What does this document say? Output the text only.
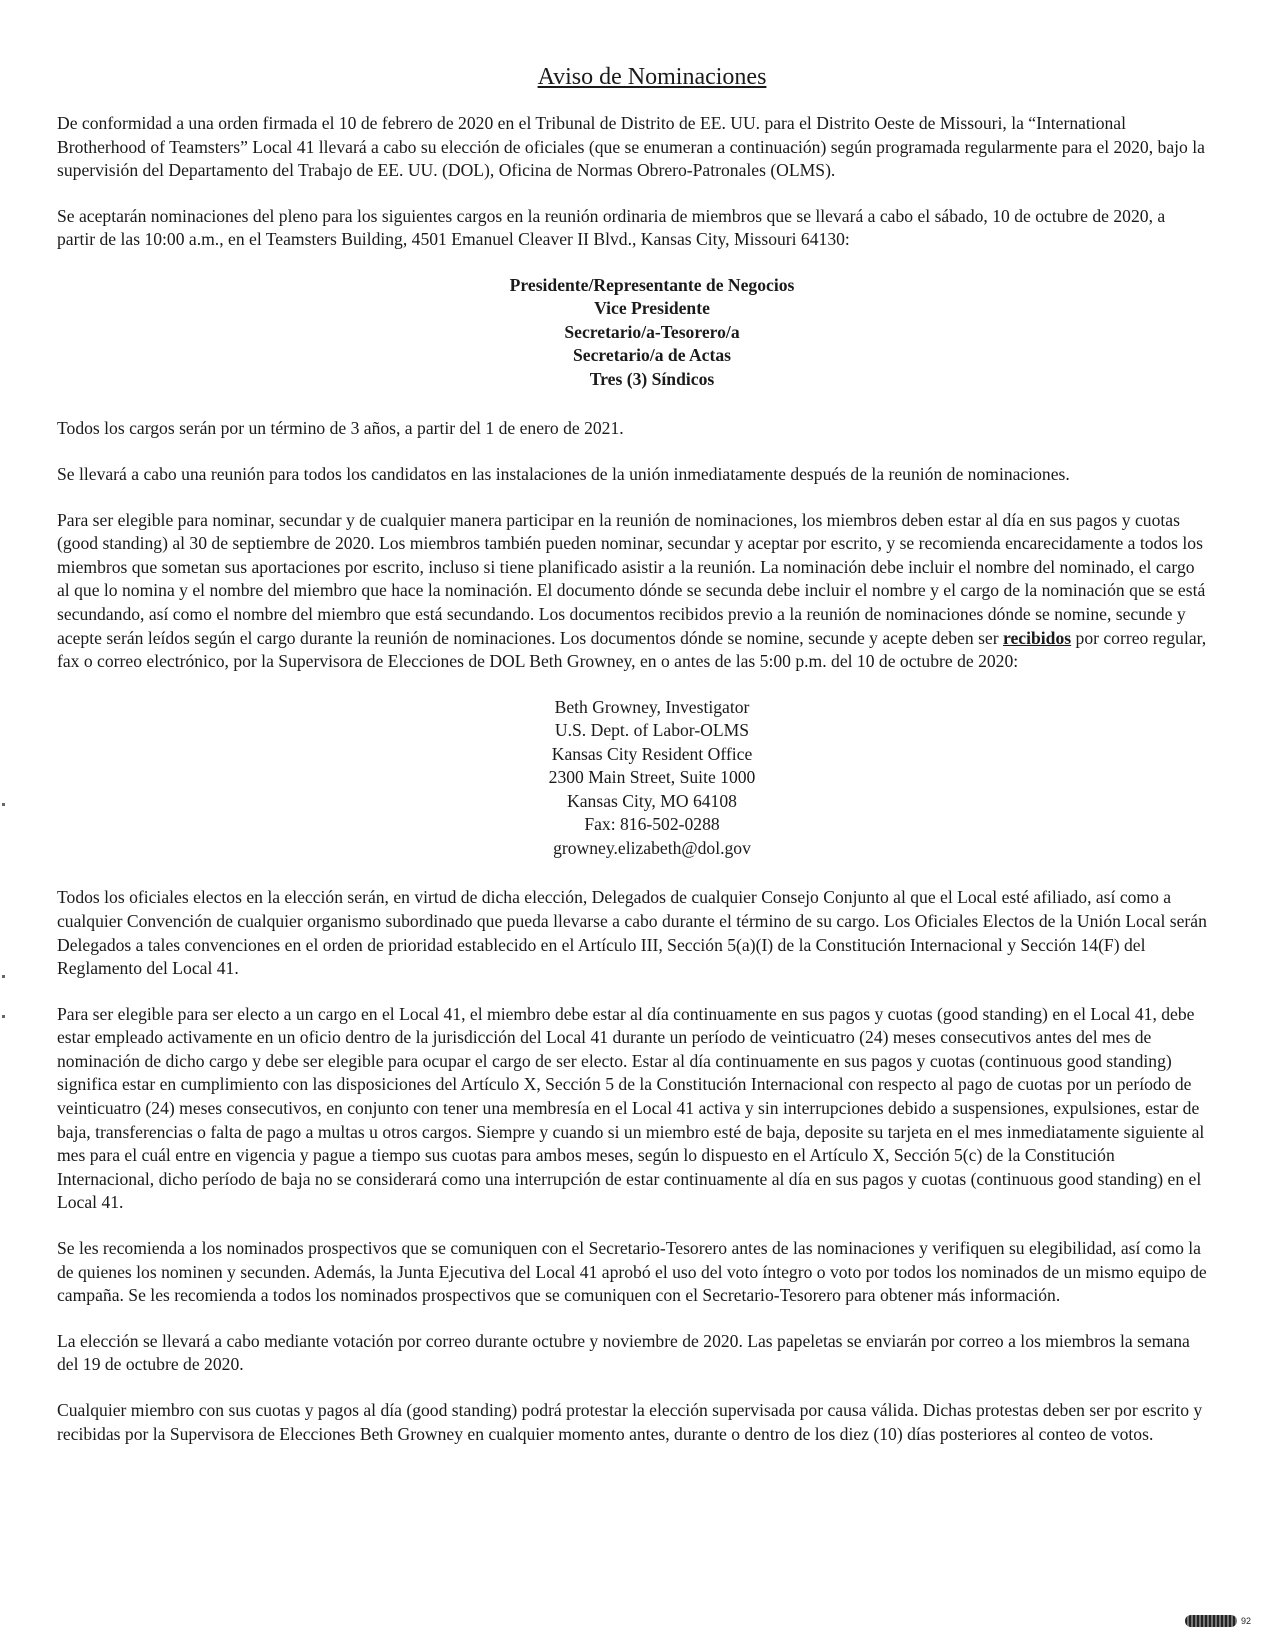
Aviso de Nominaciones

De conformidad a una orden firmada el 10 de febrero de 2020 en el Tribunal de Distrito de EE. UU. para el Distrito Oeste de Missouri, la “International Brotherhood of Teamsters” Local 41 llevará a cabo su elección de oficiales (que se enumeran a continuación) según programada regularmente para el 2020, bajo la supervisión del Departamento del Trabajo de EE. UU. (DOL), Oficina de Normas Obrero-Patronales (OLMS).

Se aceptarán nominaciones del pleno para los siguientes cargos en la reunión ordinaria de miembros que se llevará a cabo el sábado, 10 de octubre de 2020, a partir de las 10:00 a.m., en el Teamsters Building, 4501 Emanuel Cleaver II Blvd., Kansas City, Missouri 64130:

Presidente/Representante de Negocios
Vice Presidente
Secretario/a-Tesorero/a
Secretario/a de Actas
Tres (3) Síndicos

Todos los cargos serán por un término de 3 años, a partir del 1 de enero de 2021.

Se llevará a cabo una reunión para todos los candidatos en las instalaciones de la unión inmediatamente después de la reunión de nominaciones.

Para ser elegible para nominar, secundar y de cualquier manera participar en la reunión de nominaciones, los miembros deben estar al día en sus pagos y cuotas (good standing) al 30 de septiembre de 2020. Los miembros también pueden nominar, secundar y aceptar por escrito, y se recomienda encarecidamente a todos los miembros que sometan sus aportaciones por escrito, incluso si tiene planificado asistir a la reunión. La nominación debe incluir el nombre del nominado, el cargo al que lo nomina y el nombre del miembro que hace la nominación. El documento dónde se secunda debe incluir el nombre y el cargo de la nominación que se está secundando, así como el nombre del miembro que está secundando. Los documentos recibidos previo a la reunión de nominaciones dónde se nomine, secunde y acepte serán leídos según el cargo durante la reunión de nominaciones. Los documentos dónde se nomine, secunde y acepte deben ser recibidos por correo regular, fax o correo electrónico, por la Supervisora de Elecciones de DOL Beth Growney, en o antes de las 5:00 p.m. del 10 de octubre de 2020:

Beth Growney, Investigator
U.S. Dept. of Labor-OLMS
Kansas City Resident Office
2300 Main Street, Suite 1000
Kansas City, MO 64108
Fax: 816-502-0288
growney.elizabeth@dol.gov

Todos los oficiales electos en la elección serán, en virtud de dicha elección, Delegados de cualquier Consejo Conjunto al que el Local esté afiliado, así como a cualquier Convención de cualquier organismo subordinado que pueda llevarse a cabo durante el término de su cargo. Los Oficiales Electos de la Unión Local serán Delegados a tales convenciones en el orden de prioridad establecido en el Artículo III, Sección 5(a)(I) de la Constitución Internacional y Sección 14(F) del Reglamento del Local 41.

Para ser elegible para ser electo a un cargo en el Local 41, el miembro debe estar al día continuamente en sus pagos y cuotas (good standing) en el Local 41, debe estar empleado activamente en un oficio dentro de la jurisdicción del Local 41 durante un período de veinticuatro (24) meses consecutivos antes del mes de nominación de dicho cargo y debe ser elegible para ocupar el cargo de ser electo. Estar al día continuamente en sus pagos y cuotas (continuous good standing) significa estar en cumplimiento con las disposiciones del Artículo X, Sección 5 de la Constitución Internacional con respecto al pago de cuotas por un período de veinticuatro (24) meses consecutivos, en conjunto con tener una membresía en el Local 41 activa y sin interrupciones debido a suspensiones, expulsiones, estar de baja, transferencias o falta de pago a multas u otros cargos. Siempre y cuando si un miembro esté de baja, deposite su tarjeta en el mes inmediatamente siguiente al mes para el cuál entre en vigencia y pague a tiempo sus cuotas para ambos meses, según lo dispuesto en el Artículo X, Sección 5(c) de la Constitución Internacional, dicho período de baja no se considerará como una interrupción de estar continuamente al día en sus pagos y cuotas (continuous good standing) en el Local 41.

Se les recomienda a los nominados prospectivos que se comuniquen con el Secretario-Tesorero antes de las nominaciones y verifiquen su elegibilidad, así como la de quienes los nominen y secunden. Además, la Junta Ejecutiva del Local 41 aprobó el uso del voto íntegro o voto por todos los nominados de un mismo equipo de campaña. Se les recomienda a todos los nominados prospectivos que se comuniquen con el Secretario-Tesorero para obtener más información.

La elección se llevará a cabo mediante votación por correo durante octubre y noviembre de 2020. Las papeletas se enviarán por correo a los miembros la semana del 19 de octubre de 2020.

Cualquier miembro con sus cuotas y pagos al día (good standing) podrá protestar la elección supervisada por causa válida. Dichas protestas deben ser por escrito y recibidas por la Supervisora de Elecciones Beth Growney en cualquier momento antes, durante o dentro de los diez (10) días posteriores al conteo de votos.

92
